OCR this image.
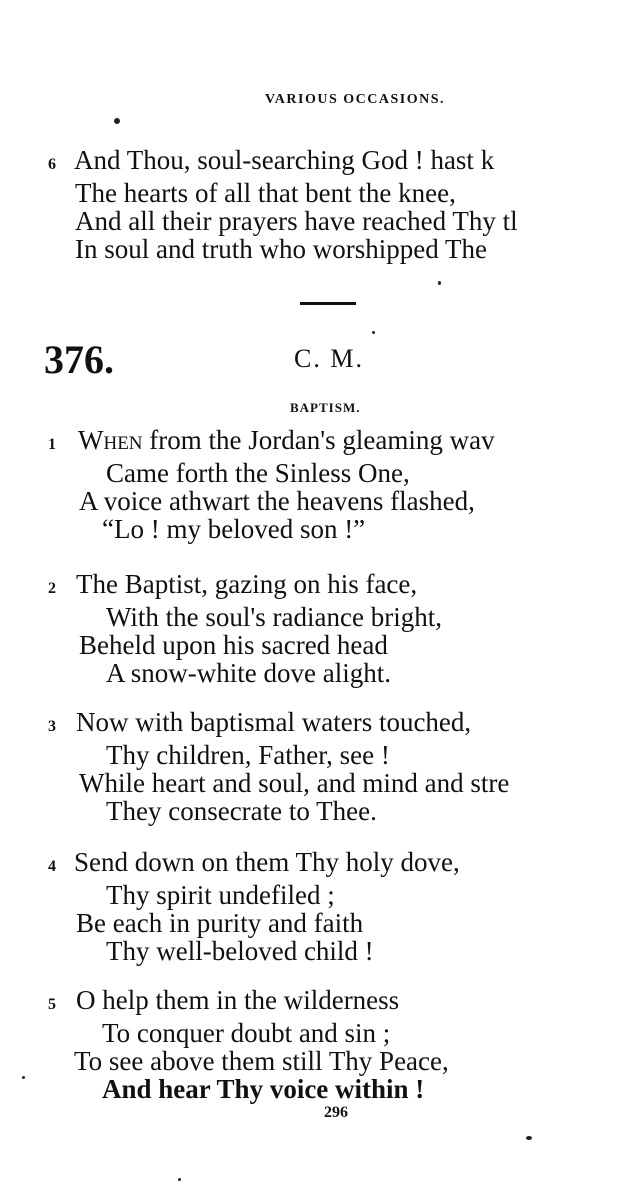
VARIOUS OCCASIONS.
6 And Thou, soul-searching God ! hast k
The hearts of all that bent the knee,
And all their prayers have reached Thy tl
In soul and truth who worshipped The
376.	C. M.
BAPTISM.
1 When from the Jordan's gleaming wav
Came forth the Sinless One,
A voice athwart the heavens flashed,
“Lo ! my beloved son !”
2 The Baptist, gazing on his face,
With the soul's radiance bright,
Beheld upon his sacred head
A snow-white dove alight.
3 Now with baptismal waters touched,
Thy children, Father, see !
While heart and soul, and mind and stre
They consecrate to Thee.
4 Send down on them Thy holy dove,
Thy spirit undefiled ;
Be each in purity and faith
Thy well-beloved child !
5 O help them in the wilderness
To conquer doubt and sin ;
To see above them still Thy Peace,
And hear Thy voice within !
296
